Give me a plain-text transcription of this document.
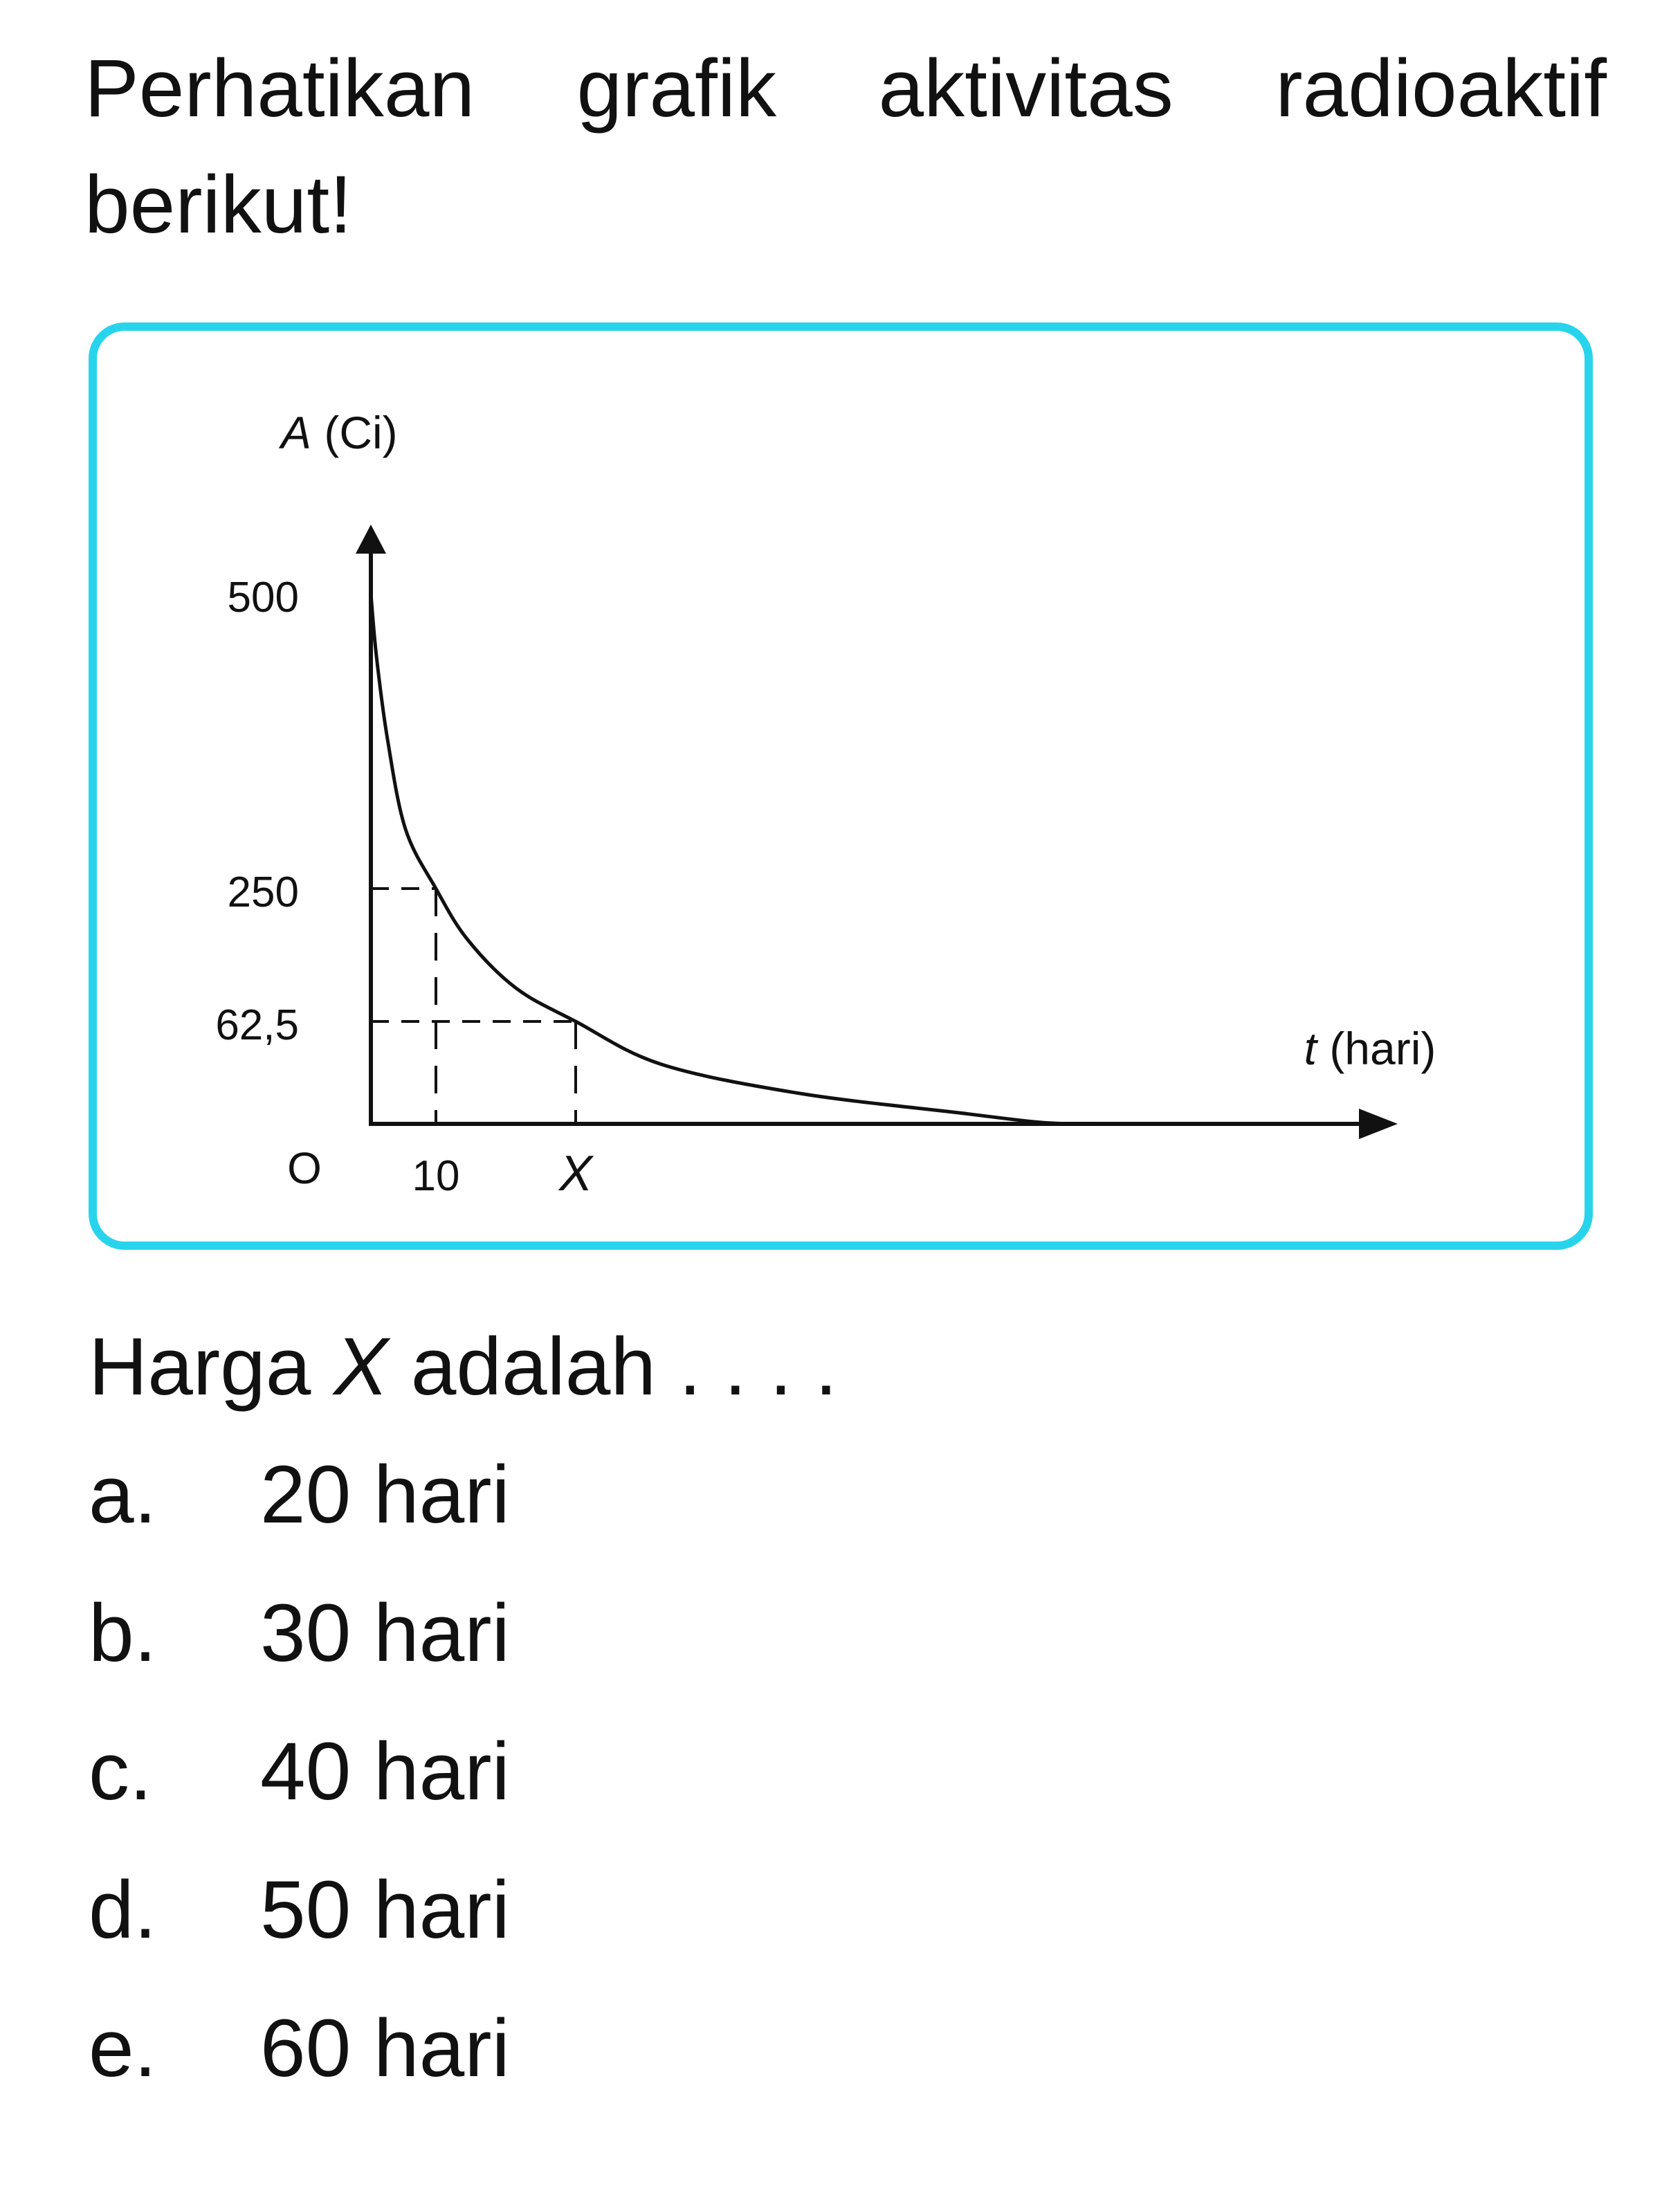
Perhatikan grafik aktivitas radioaktif berikut!

500
250
62,5
10 X
O
A (Ci)
t (hari)

Harga X adalah . . . .

a. 20 hari
b. 30 hari
c. 40 hari
d. 50 hari
e. 60 hari
